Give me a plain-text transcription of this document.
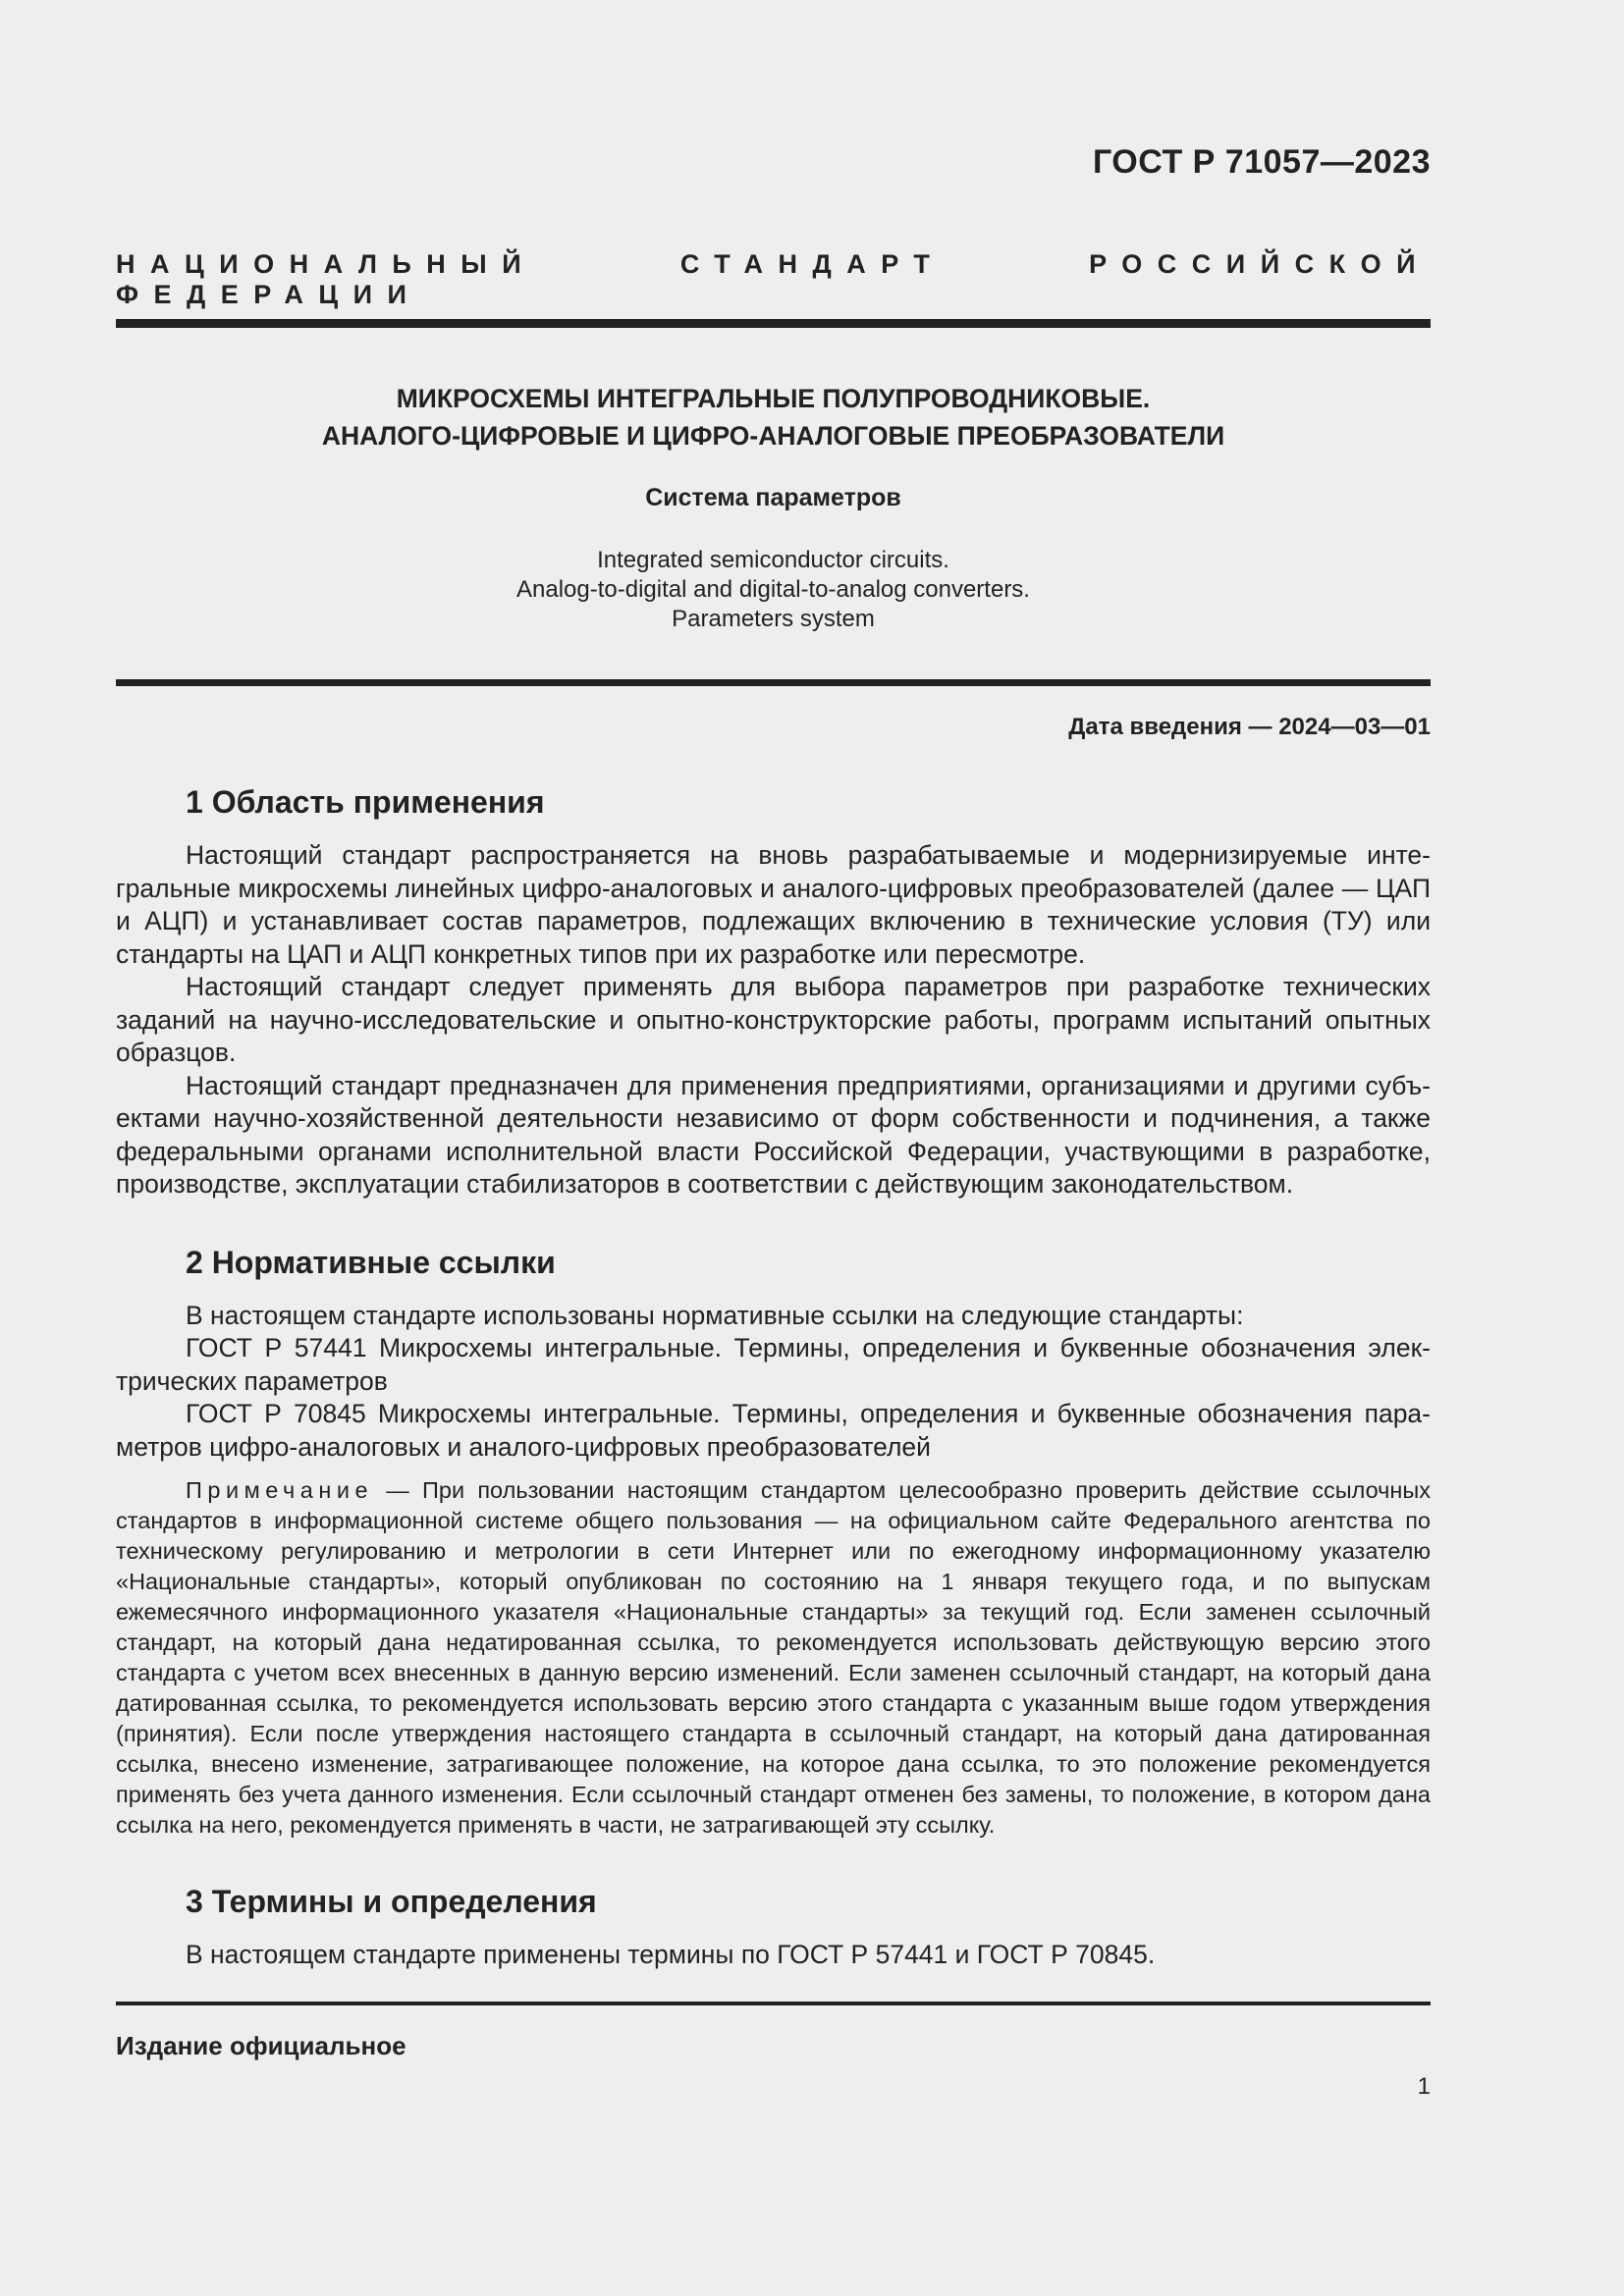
ГОСТ Р 71057—2023
НАЦИОНАЛЬНЫЙ СТАНДАРТ РОССИЙСКОЙ ФЕДЕРАЦИИ
МИКРОСХЕМЫ ИНТЕГРАЛЬНЫЕ ПОЛУПРОВОДНИКОВЫЕ.
АНАЛОГО-ЦИФРОВЫЕ И ЦИФРО-АНАЛОГОВЫЕ ПРЕОБРАЗОВАТЕЛИ
Система параметров
Integrated semiconductor circuits.
Analog-to-digital and digital-to-analog converters.
Parameters system
Дата введения — 2024—03—01
1 Область применения

Настоящий стандарт распространяется на вновь разрабатываемые и модернизируемые интегральные микросхемы линейных цифро-аналоговых и аналого-цифровых преобразователей (далее — ЦАП и АЦП) и устанавливает состав параметров, подлежащих включению в технические условия (ТУ) или стандарты на ЦАП и АЦП конкретных типов при их разработке или пересмотре.

Настоящий стандарт следует применять для выбора параметров при разработке технических заданий на научно-исследовательские и опытно-конструкторские работы, программ испытаний опытных образцов.

Настоящий стандарт предназначен для применения предприятиями, организациями и другими субъектами научно-хозяйственной деятельности независимо от форм собственности и подчинения, а также федеральными органами исполнительной власти Российской Федерации, участвующими в разработке, производстве, эксплуатации стабилизаторов в соответствии с действующим законодательством.

2 Нормативные ссылки

В настоящем стандарте использованы нормативные ссылки на следующие стандарты:

ГОСТ Р 57441 Микросхемы интегральные. Термины, определения и буквенные обозначения электрических параметров

ГОСТ Р 70845 Микросхемы интегральные. Термины, определения и буквенные обозначения параметров цифро-аналоговых и аналого-цифровых преобразователей

Примечание — При пользовании настоящим стандартом целесообразно проверить действие ссылочных стандартов в информационной системе общего пользования — на официальном сайте Федерального агентства по техническому регулированию и метрологии в сети Интернет или по ежегодному информационному указателю «Национальные стандарты», который опубликован по состоянию на 1 января текущего года, и по выпускам ежемесячного информационного указателя «Национальные стандарты» за текущий год. Если заменен ссылочный стандарт, на который дана недатированная ссылка, то рекомендуется использовать действующую версию этого стандарта с учетом всех внесенных в данную версию изменений. Если заменен ссылочный стандарт, на который дана датированная ссылка, то рекомендуется использовать версию этого стандарта с указанным выше годом утверждения (принятия). Если после утверждения настоящего стандарта в ссылочный стандарт, на который дана датированная ссылка, внесено изменение, затрагивающее положение, на которое дана ссылка, то это положение рекомендуется применять без учета данного изменения. Если ссылочный стандарт отменен без замены, то положение, в котором дана ссылка на него, рекомендуется применять в части, не затрагивающей эту ссылку.

3 Термины и определения

В настоящем стандарте применены термины по ГОСТ Р 57441 и ГОСТ Р 70845.

Издание официальное
1
